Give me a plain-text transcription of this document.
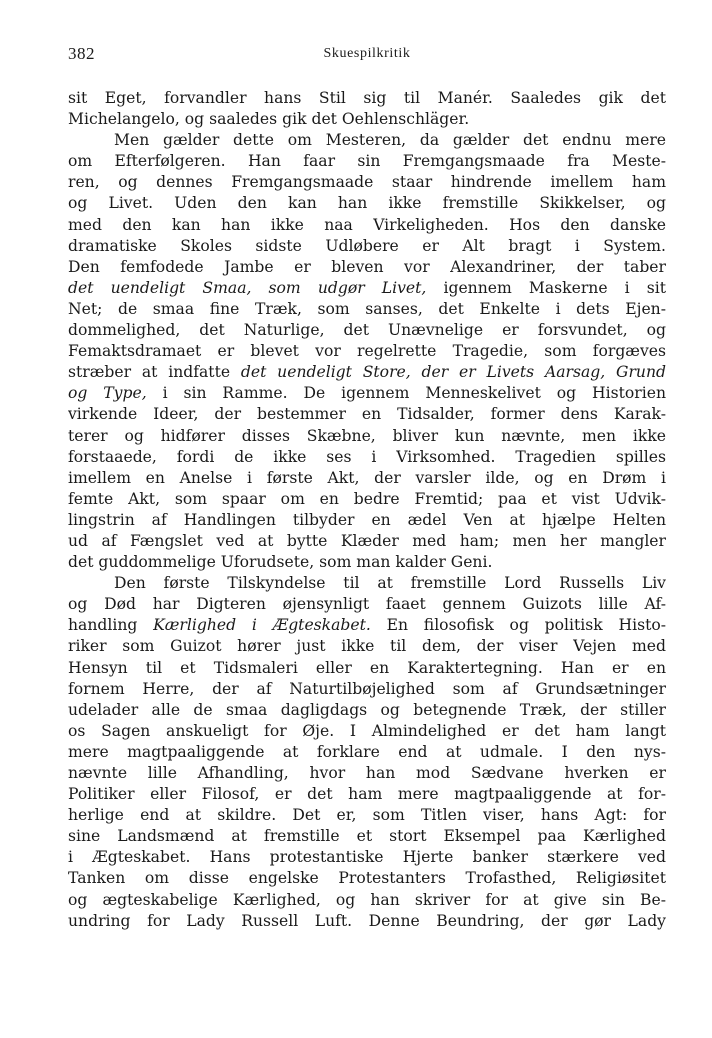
382	Skuespilkritik
sit Eget, forvandler hans Stil sig til Manér. Saaledes gik det
Michelangelo, og saaledes gik det Oehlenschläger.
Men gælder dette om Mesteren, da gælder det endnu mere
om Efterfølgeren. Han faar sin Fremgangsmaade fra Meste-
ren, og dennes Fremgangsmaade staar hindrende imellem ham
og Livet. Uden den kan han ikke fremstille Skikkelser, og
med den kan han ikke naa Virkeligheden. Hos den danske
dramatiske Skoles sidste Udløbere er Alt bragt i System.
Den femfodede Jambe er bleven vor Alexandriner, der taber
det uendeligt Smaa, som udgør Livet, igennem Maskerne i sit
Net; de smaa fine Træk, som sanses, det Enkelte i dets Ejen-
dommelighed, det Naturlige, det Unævnelige er forsvundet, og
Femaktsdramaet er blevet vor regelrette Tragedie, som forgæves
stræber at indfatte det uendeligt Store, der er Livets Aarsag, Grund
og Type, i sin Ramme. De igennem Menneskelivet og Historien
virkende Ideer, der bestemmer en Tidsalder, former dens Karak-
terer og hidfører disses Skæbne, bliver kun nævnte, men ikke
forstaaede, fordi de ikke ses i Virksomhed. Tragedien spilles
imellem en Anelse i første Akt, der varsler ilde, og en Drøm i
femte Akt, som spaar om en bedre Fremtid; paa et vist Udvik-
lingstrin af Handlingen tilbyder en ædel Ven at hjælpe Helten
ud af Fængslet ved at bytte Klæder med ham; men her mangler
det guddommelige Uforudsete, som man kalder Geni.
Den første Tilskyndelse til at fremstille Lord Russells Liv
og Død har Digteren øjensynligt faaet gennem Guizots lille Af-
handling Kærlighed i Ægteskabet. En filosofisk og politisk Histo-
riker som Guizot hører just ikke til dem, der viser Vejen med
Hensyn til et Tidsmaleri eller en Karaktertegning. Han er en
fornem Herre, der af Naturtilbøjelighed som af Grundsætninger
udelader alle de smaa dagligdags og betegnende Træk, der stiller
os Sagen anskueligt for Øje. I Almindelighed er det ham langt
mere magtpaaliggende at forklare end at udmale. I den nys-
nævnte lille Afhandling, hvor han mod Sædvane hverken er
Politiker eller Filosof, er det ham mere magtpaaliggende at for-
herlige end at skildre. Det er, som Titlen viser, hans Agt: for
sine Landsmænd at fremstille et stort Eksempel paa Kærlighed
i Ægteskabet. Hans protestantiske Hjerte banker stærkere ved
Tanken om disse engelske Protestanters Trofasthed, Religiøsitet
og ægteskabelige Kærlighed, og han skriver for at give sin Be-
undring for Lady Russell Luft. Denne Beundring, der gør Lady
